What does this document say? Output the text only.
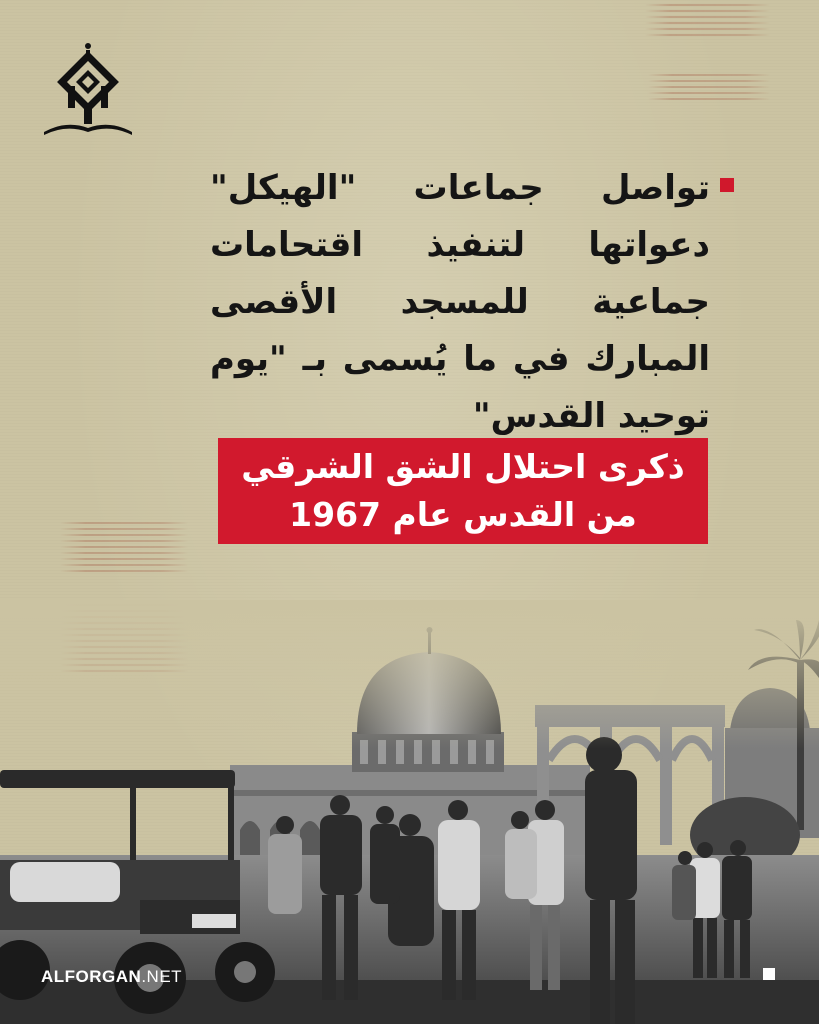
تواصل جماعات "الهيكل" دعواتها لتنفيذ اقتحامات جماعية للمسجد الأقصى المبارك في ما يُسمى بـ "يوم توحيد القدس"
ذكرى احتلال الشق الشرقي
من القدس عام 1967
ALFORGAN.NET
